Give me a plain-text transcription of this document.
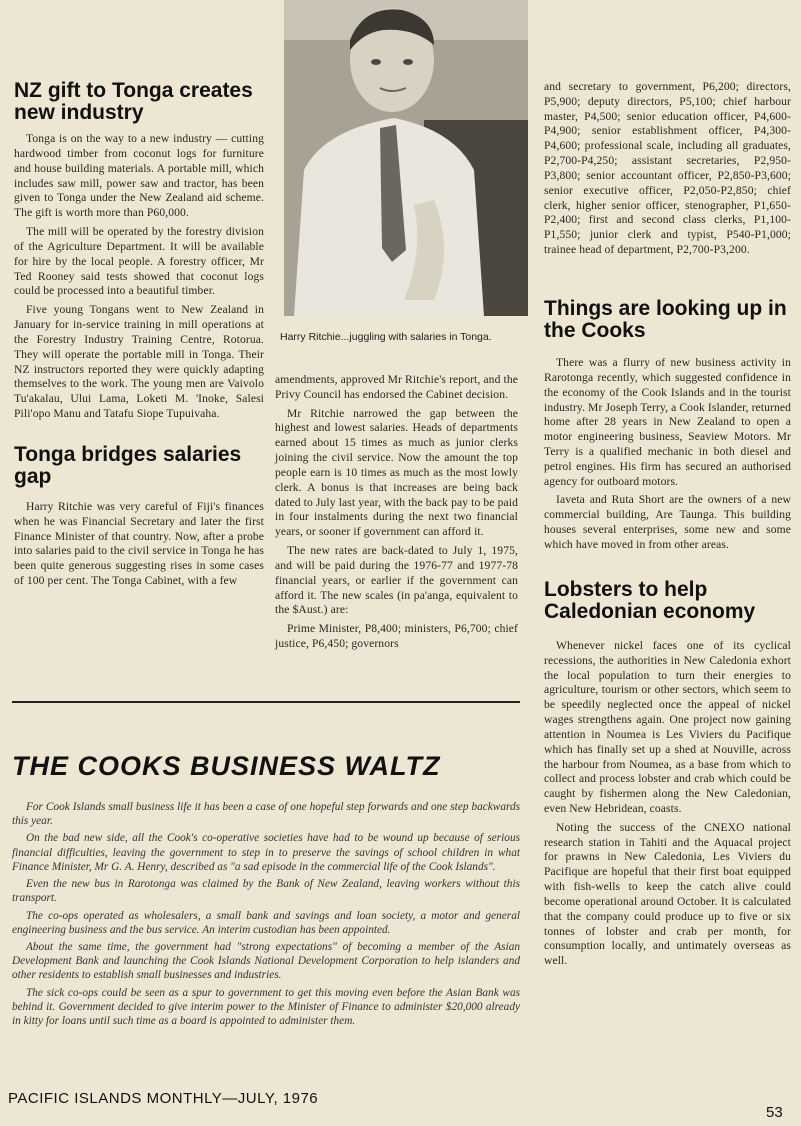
Harry Ritchie...juggling with salaries in Tonga.
NZ gift to Tonga creates new industry

Tonga is on the way to a new industry — cutting hardwood timber from coconut logs for furniture and house building materials. A portable mill, which includes saw mill, power saw and tractor, has been given to Tonga under the New Zealand aid scheme. The gift is worth more than P60,000.

The mill will be operated by the forestry division of the Agriculture Department. It will be available for hire by the local people. A forestry officer, Mr Ted Rooney said tests showed that coconut logs could be processed into a beautiful timber.

Five young Tongans went to New Zealand in January for in-service training in mill operations at the Forestry Industry Training Centre, Rotorua. They will operate the portable mill in Tonga. Their NZ instructors reported they were quickly adapting themselves to the work. The young men are Vaivolo Tu'akalau, Ului Lama, Loketi M. 'Inoke, Salesi Pili'opo Manu and Tatafu Siope Tupuivaha.

Tonga bridges salaries gap

Harry Ritchie was very careful of Fiji's finances when he was Financial Secretary and later the first Finance Minister of that country. Now, after a probe into salaries paid to the civil service in Tonga he has been quite generous suggesting rises in some cases of 100 per cent. The Tonga Cabinet, with a few

amendments, approved Mr Ritchie's report, and the Privy Council has endorsed the Cabinet decision.

Mr Ritchie narrowed the gap between the highest and lowest salaries. Heads of departments earned about 15 times as much as junior clerks joining the civil service. Now the amount the top people earn is 10 times as much as the most lowly clerk. A bonus is that increases are being back dated to July last year, with the back pay to be paid in four instalments during the next two financial years, or sooner if government can afford it.

The new rates are back-dated to July 1, 1975, and will be paid during the 1976-77 and 1977-78 financial years, or earlier if the government can afford it. The new scales (in pa'anga, equivalent to the $Aust.) are:

Prime Minister, P8,400; ministers, P6,700; chief justice, P6,450; governors

and secretary to government, P6,200; directors, P5,900; deputy directors, P5,100; chief harbour master, P4,500; senior education officer, P4,600-P4,900; senior establishment officer, P4,300-P4,600; professional scale, including all graduates, P2,700-P4,250; assistant secretaries, P2,950-P3,800; senior accountant officer, P2,850-P3,600; senior executive officer, P2,050-P2,850; chief clerk, higher senior officer, stenographer, P1,650-P2,400; first and second class clerks, P1,100-P1,550; junior clerk and typist, P540-P1,000; trainee head of department, P2,700-P3,200.

Things are looking up in the Cooks

There was a flurry of new business activity in Rarotonga recently, which suggested confidence in the economy of the Cook Islands and in the tourist industry. Mr Joseph Terry, a Cook Islander, returned home after 28 years in New Zealand to open a motor engineering business, Seaview Motors. Mr Terry is a qualified mechanic in both diesel and petrol engines. His firm has secured an authorised agency for outboard motors.

Iaveta and Ruta Short are the owners of a new commercial building, Are Taunga. This building houses several enterprises, some new and some which have moved in from other areas.

Lobsters to help Caledonian economy

Whenever nickel faces one of its cyclical recessions, the authorities in New Caledonia exhort the local population to turn their energies to agriculture, tourism or other sectors, which seem to be speedily neglected once the appeal of nickel wages strengthens again. One project now gaining attention in Noumea is Les Viviers du Pacifique which has finally set up a shed at Nouville, across the harbour from Noumea, as a base from which to collect and process lobster and crab which could be caught by fishermen along the New Caledonian, even New Hebridean, coasts.

Noting the success of the CNEXO national research station in Tahiti and the Aquacal project for prawns in New Caledonia, Les Viviers du Pacifique are hopeful that their first boat equipped with fish-wells to keep the catch alive could become operational around October. It is calculated that the company could produce up to five or six tonnes of lobster and crab per month, for consumption locally, and untimately overseas as well.

THE COOKS BUSINESS WALTZ

For Cook Islands small business life it has been a case of one hopeful step forwards and one step backwards this year.

On the bad new side, all the Cook's co-operative societies have had to be wound up because of serious financial difficulties, leaving the government to step in to preserve the savings of school children in what Finance Minister, Mr G. A. Henry, described as "a sad episode in the commercial life of the Cook Islands".

Even the new bus in Rarotonga was claimed by the Bank of New Zealand, leaving workers without this transport.

The co-ops operated as wholesalers, a small bank and savings and loan society, a motor and general engineering business and the bus service. An interim custodian has been appointed.

About the same time, the government had "strong expectations" of becoming a member of the Asian Development Bank and launching the Cook Islands National Development Corporation to help islanders and other residents to establish small businesses and industries.

The sick co-ops could be seen as a spur to government to get this moving even before the Asian Bank was behind it. Government decided to give interim power to the Minister of Finance to administer $20,000 already in kitty for loans until such time as a board is appointed to administer them.

PACIFIC ISLANDS MONTHLY—JULY, 1976
53
